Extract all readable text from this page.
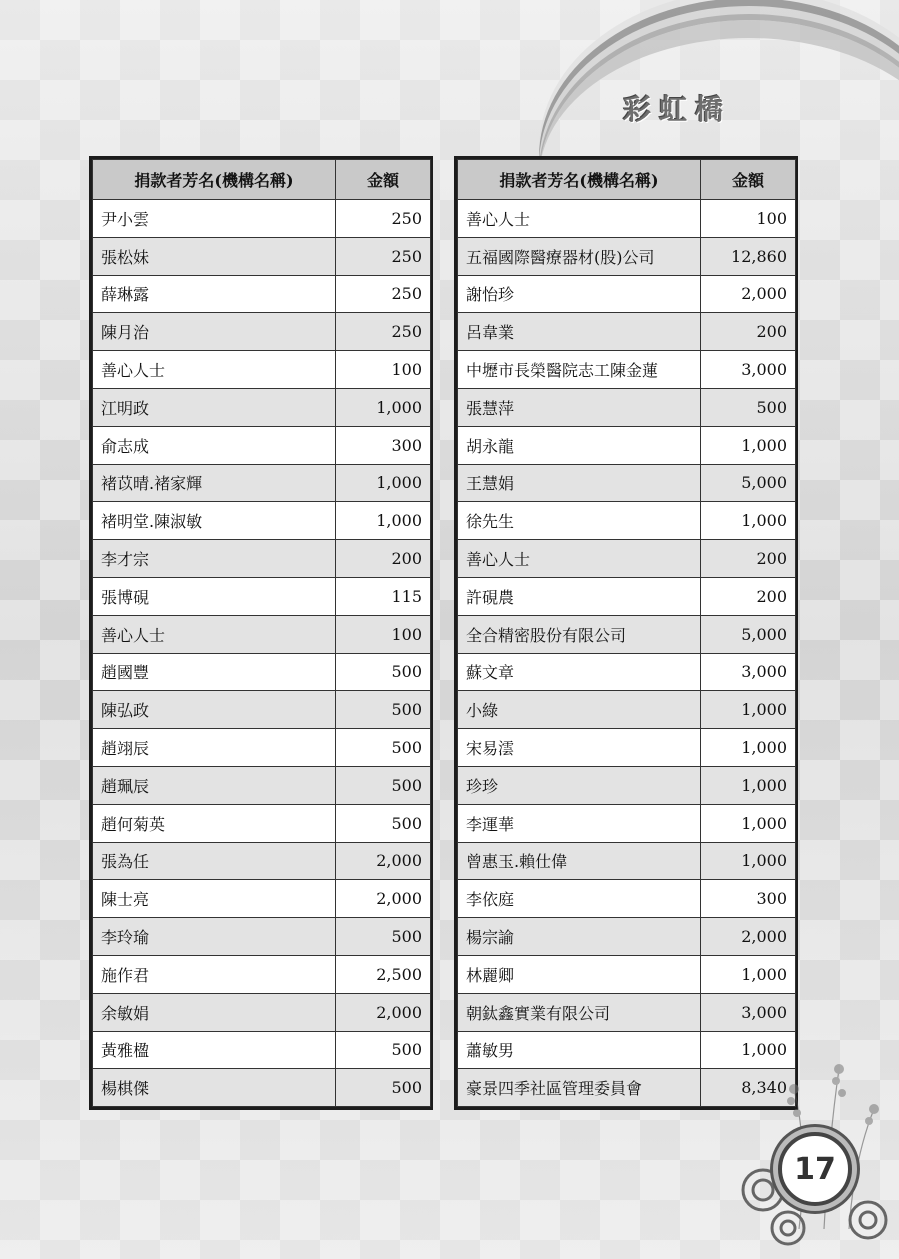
彩虹橋
捐款者芳名(機構名稱)	金額
尹小雲	250
張松妹	250
薛琳露	250
陳月治	250
善心人士	100
江明政	1,000
俞志成	300
褚苡晴.褚家輝	1,000
褚明堂.陳淑敏	1,000
李才宗	200
張博硯	115
善心人士	100
趙國豐	500
陳弘政	500
趙翊辰	500
趙珮辰	500
趙何菊英	500
張為任	2,000
陳士亮	2,000
李玲瑜	500
施作君	2,500
余敏娟	2,000
黃雅楹	500
楊棋傑	500
捐款者芳名(機構名稱)	金額
善心人士	100
五福國際醫療器材(股)公司	12,860
謝怡珍	2,000
呂韋業	200
中壢市長榮醫院志工陳金蓮	3,000
張慧萍	500
胡永龍	1,000
王慧娟	5,000
徐先生	1,000
善心人士	200
許硯農	200
全合精密股份有限公司	5,000
蘇文章	3,000
小綠	1,000
宋易澐	1,000
珍珍	1,000
李運華	1,000
曾惠玉.賴仕偉	1,000
李依庭	300
楊宗諭	2,000
林麗卿	1,000
朝鈦鑫實業有限公司	3,000
蕭敏男	1,000
豪景四季社區管理委員會	8,340
17
